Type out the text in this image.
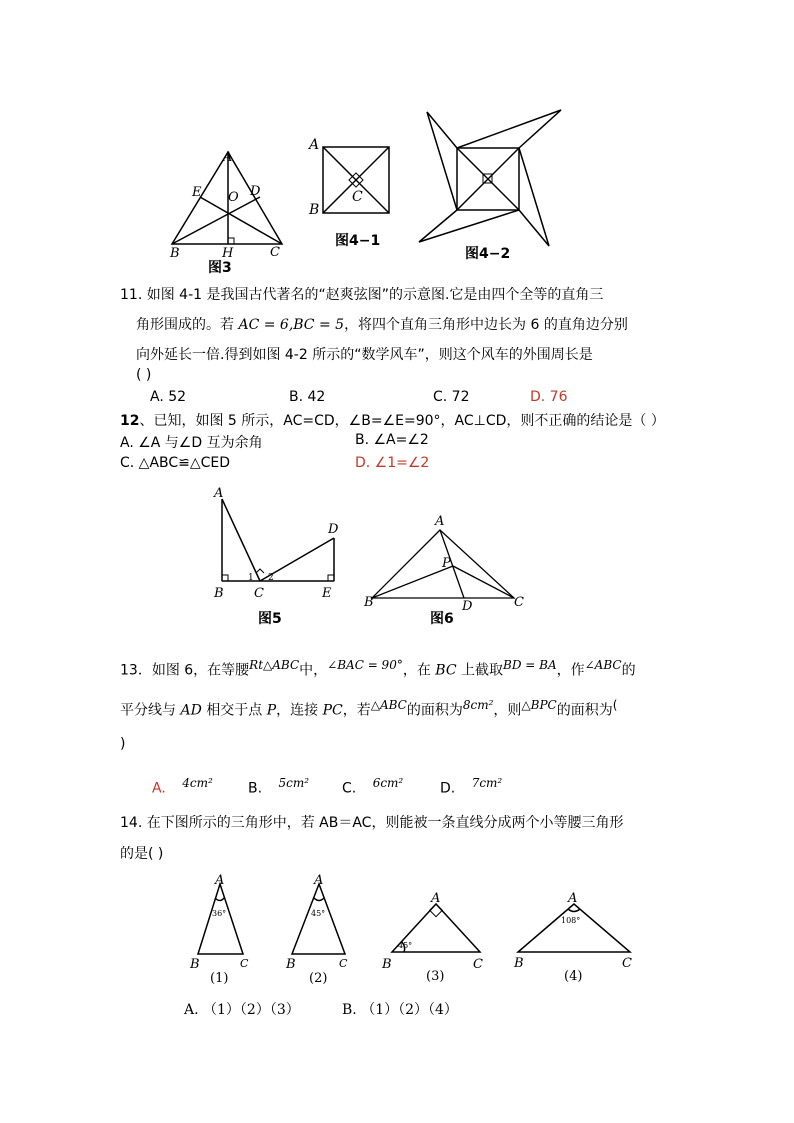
A
E O D
B	H	C
图3
A
C
B
图4−1
图4−2
11. 如图 4-1 是我国古代著名的“赵爽弦图”的示意图.它是由四个全等的直角三
角形围成的。若 AC = 6,BC = 5，将四个直角三角形中边长为 6 的直角边分别
向外延长一倍.得到如图 4-2 所示的“数学风车”，则这个风车的外围周长是
( )
A. 52	B. 42	C. 72	D. 76
12、已知，如图 5 所示，AC=CD，∠B=∠E=90°，AC⊥CD，则不正确的结论是（ ）
A. ∠A 与∠D 互为余角	B. ∠A=∠2
C. △ABC≌△CED	D. ∠1=∠2
A
D
1 2
B C	E
图5
A
P
B	D	C
图6
13．如图 6，在等腰$^{Rt\triangle ABC}$中，$^{\angle BAC = 90^\circ}$，在 BC 上截取$^{BD = BA}$，作$^{\angle ABC}$的
平分线与 AD 相交于点 P，连接 PC，若$^{\triangle ABC}$的面积为$^{8cm^2}$，则$^{\triangle BPC}$的面积为(
)
A. $^{4cm^2}$	B. $^{5cm^2}$ C. $^{6cm^2}$	D. $^{7cm^2}$
14. 在下图所示的三角形中，若 AB＝AC，则能被一条直线分成两个小等腰三角形
的是( )
A
36°
B	C
(1)
A
45°
B	C
(2)
A
45°
B	C
(3)
A
108°
B	C
(4)
A. （1）（2）（3）	B. （1）（2）（4）
